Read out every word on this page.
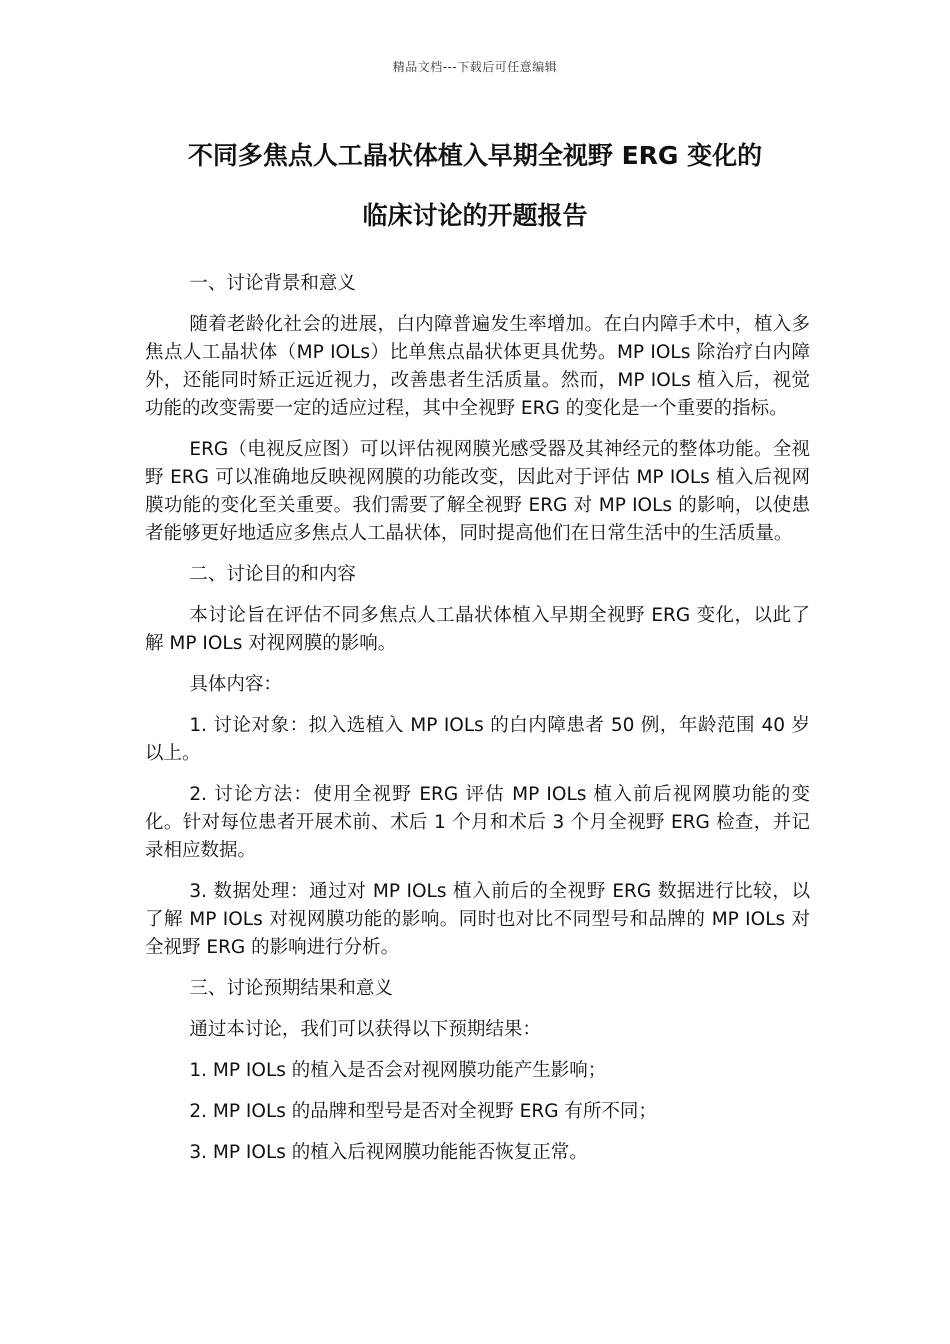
精品文档---下载后可任意编辑
不同多焦点人工晶状体植入早期全视野 ERG 变化的
临床讨论的开题报告

一、讨论背景和意义

随着老龄化社会的进展，白内障普遍发生率增加。在白内障手术中，植入多焦点人工晶状体（MP IOLs）比单焦点晶状体更具优势。MP IOLs 除治疗白内障外，还能同时矫正远近视力，改善患者生活质量。然而，MP IOLs 植入后，视觉功能的改变需要一定的适应过程，其中全视野 ERG 的变化是一个重要的指标。

ERG（电视反应图）可以评估视网膜光感受器及其神经元的整体功能。全视野 ERG 可以准确地反映视网膜的功能改变，因此对于评估 MP IOLs 植入后视网膜功能的变化至关重要。我们需要了解全视野 ERG 对 MP IOLs 的影响，以使患者能够更好地适应多焦点人工晶状体，同时提高他们在日常生活中的生活质量。

二、讨论目的和内容

本讨论旨在评估不同多焦点人工晶状体植入早期全视野 ERG 变化，以此了解 MP IOLs 对视网膜的影响。

具体内容：

1. 讨论对象：拟入选植入 MP IOLs 的白内障患者 50 例，年龄范围 40 岁以上。

2. 讨论方法：使用全视野 ERG 评估 MP IOLs 植入前后视网膜功能的变化。针对每位患者开展术前、术后 1 个月和术后 3 个月全视野 ERG 检查，并记录相应数据。

3. 数据处理：通过对 MP IOLs 植入前后的全视野 ERG 数据进行比较，以了解 MP IOLs 对视网膜功能的影响。同时也对比不同型号和品牌的 MP IOLs 对全视野 ERG 的影响进行分析。

三、讨论预期结果和意义

通过本讨论，我们可以获得以下预期结果：

1. MP IOLs 的植入是否会对视网膜功能产生影响；

2. MP IOLs 的品牌和型号是否对全视野 ERG 有所不同；

3. MP IOLs 的植入后视网膜功能能否恢复正常。
